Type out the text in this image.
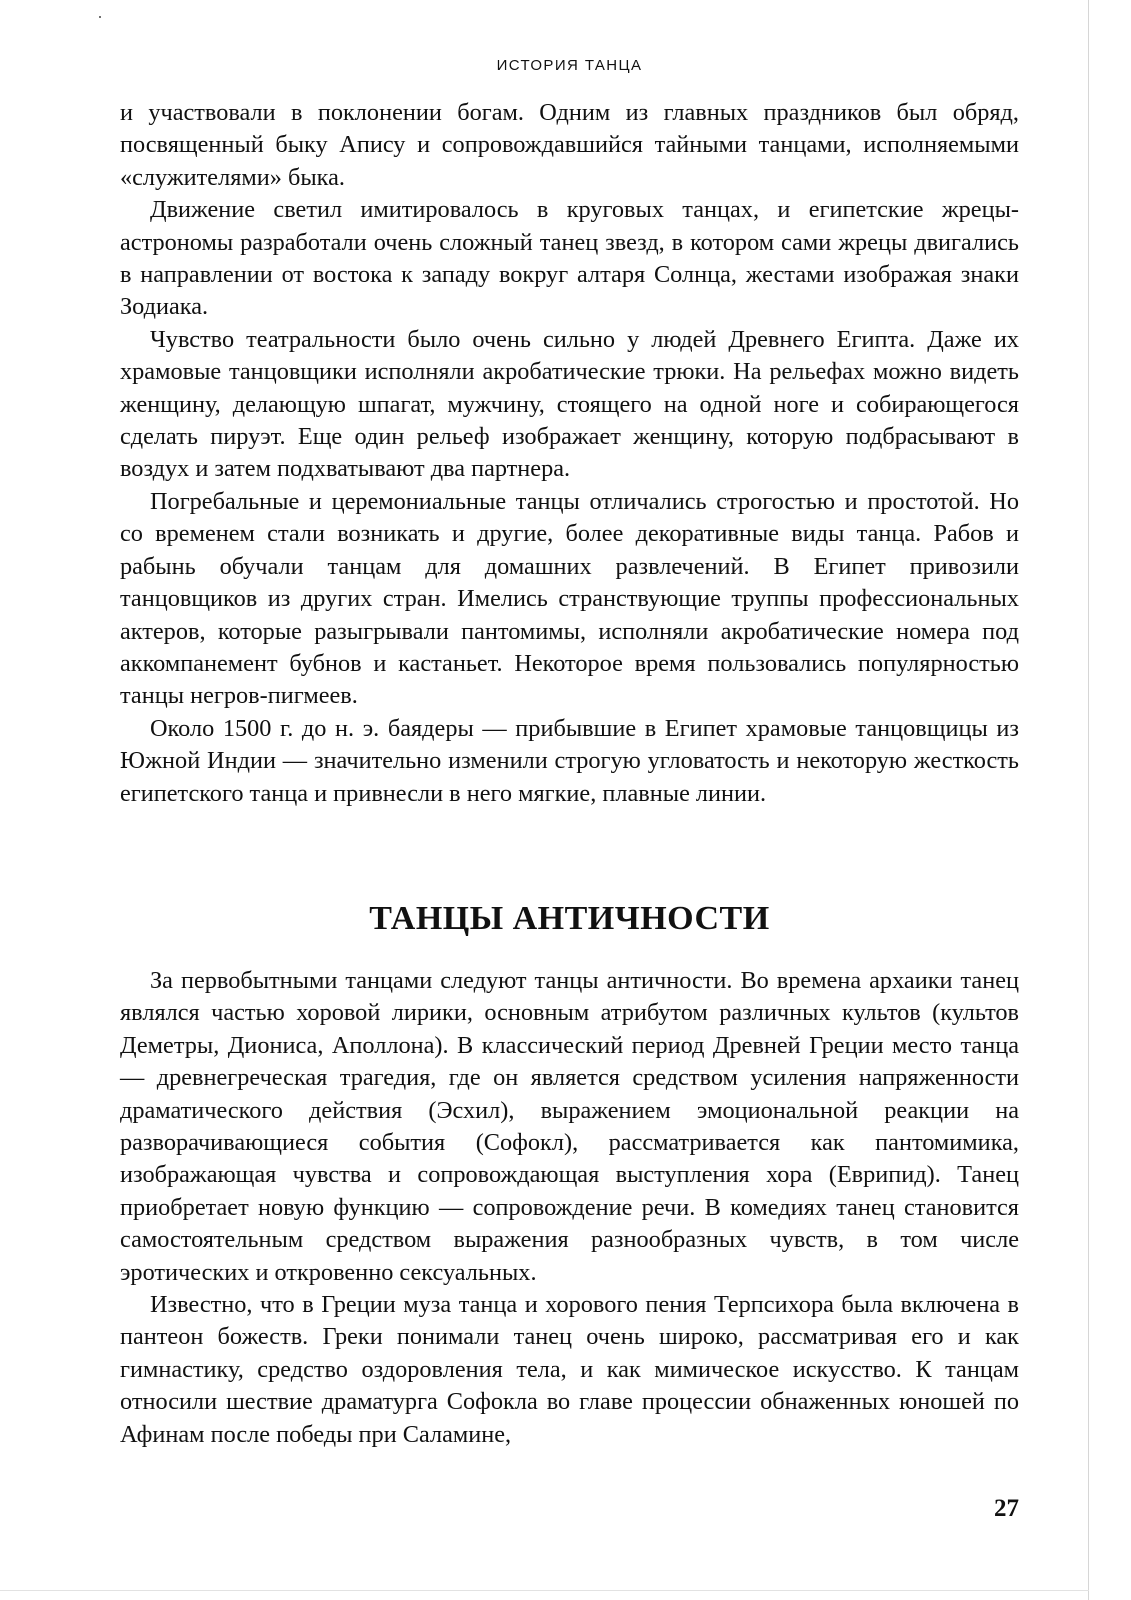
ИСТОРИЯ ТАНЦА

и участвовали в поклонении богам. Одним из главных праздников был обряд, посвященный быку Апису и сопровождавшийся тайными танцами, исполняемыми «служителями» быка.

Движение светил имитировалось в круговых танцах, и египетские жрецы-астрономы разработали очень сложный танец звезд, в котором сами жрецы двигались в направлении от востока к западу вокруг алтаря Солнца, жестами изображая знаки Зодиака.

Чувство театральности было очень сильно у людей Древнего Египта. Даже их храмовые танцовщики исполняли акробатические трюки. На рельефах можно видеть женщину, делающую шпагат, мужчину, стоящего на одной ноге и собирающегося сделать пируэт. Еще один рельеф изображает женщину, которую подбрасывают в воздух и затем подхватывают два партнера.

Погребальные и церемониальные танцы отличались строгостью и простотой. Но со временем стали возникать и другие, более декоративные виды танца. Рабов и рабынь обучали танцам для домашних развлечений. В Египет привозили танцовщиков из других стран. Имелись странствующие труппы профессиональных актеров, которые разыгрывали пантомимы, исполняли акробатические номера под аккомпанемент бубнов и кастаньет. Некоторое время пользовались популярностью танцы негров-пигмеев.

Около 1500 г. до н. э. баядеры — прибывшие в Египет храмовые танцовщицы из Южной Индии — значительно изменили строгую угловатость и некоторую жесткость египетского танца и привнесли в него мягкие, плавные линии.

ТАНЦЫ АНТИЧНОСТИ

За первобытными танцами следуют танцы античности. Во времена архаики танец являлся частью хоровой лирики, основным атрибутом различных культов (культов Деметры, Диониса, Аполлона). В классический период Древней Греции место танца — древнегреческая трагедия, где он является средством усиления напряженности драматического действия (Эсхил), выражением эмоциональной реакции на разворачивающиеся события (Софокл), рассматривается как пантомимика, изображающая чувства и сопровождающая выступления хора (Еврипид). Танец приобретает новую функцию — сопровождение речи. В комедиях танец становится самостоятельным средством выражения разнообразных чувств, в том числе эротических и откровенно сексуальных.

Известно, что в Греции муза танца и хорового пения Терпсихора была включена в пантеон божеств. Греки понимали танец очень широко, рассматривая его и как гимнастику, средство оздоровления тела, и как мимическое искусство. К танцам относили шествие драматурга Софокла во главе процессии обнаженных юношей по Афинам после победы при Саламине,

27
